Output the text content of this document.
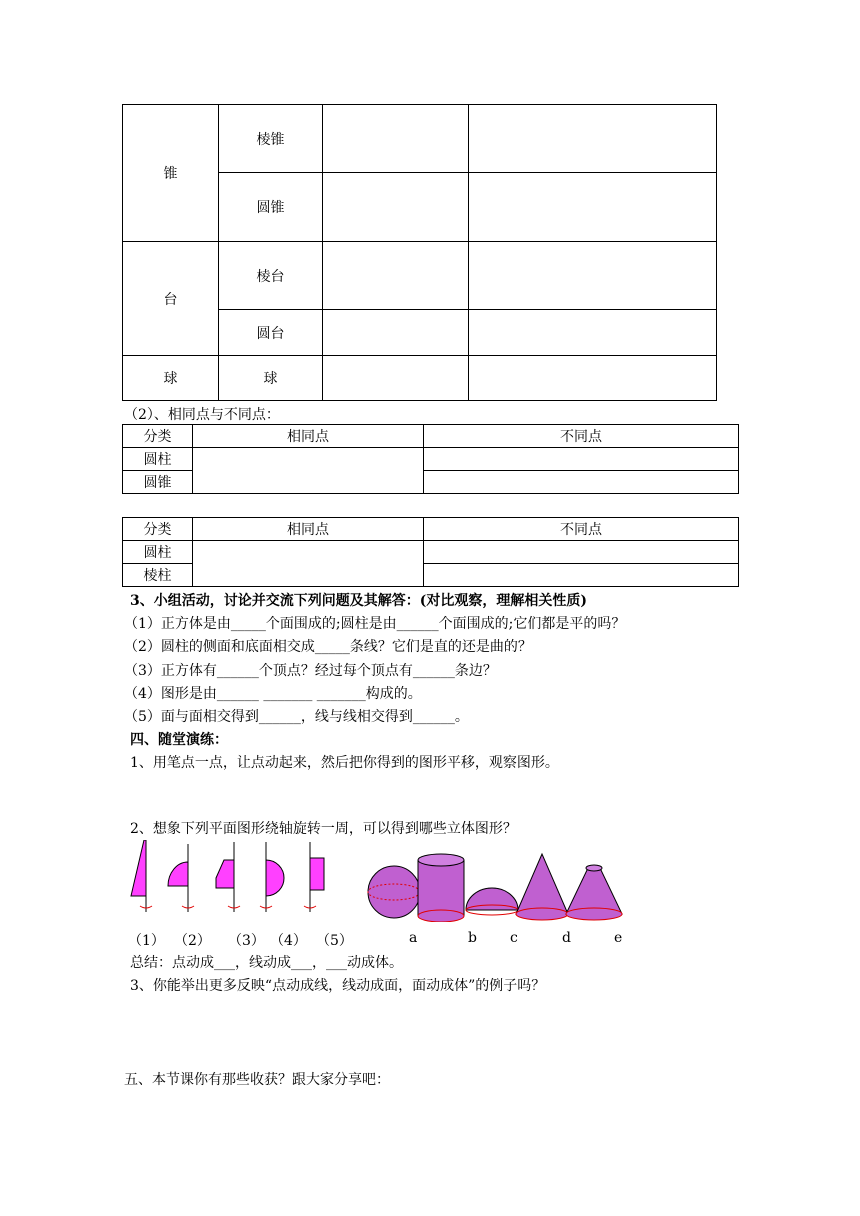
锥	棱锥		
	圆锥		
台	棱台		
	圆台		
球	球		
（2）、相同点与不同点：
分类	相同点	不同点
圆柱		
圆锥		
分类	相同点	不同点
圆柱		
棱柱		
3、小组活动，讨论并交流下列问题及其解答：(对比观察，理解相关性质)
（1）正方体是由_____个面围成的;圆柱是由______个面围成的;它们都是平的吗？
（2）圆柱的侧面和底面相交成_____条线？它们是直的还是曲的？
（3）正方体有______个顶点？经过每个顶点有______条边？
（4）图形是由______ _______ _______构成的。
（5）面与面相交得到______，线与线相交得到______。
四、随堂演练：
1、用笔点一点，让点动起来，然后把你得到的图形平移，观察图形。
2、想象下列平面图形绕轴旋转一周，可以得到哪些立体图形？
（1） （2） （3） （4） （5）	a	b c	d	e
总结：点动成___，线动成___，___动成体。
3、你能举出更多反映“点动成线，线动成面，面动成体”的例子吗？
五、本节课你有那些收获？跟大家分享吧：
